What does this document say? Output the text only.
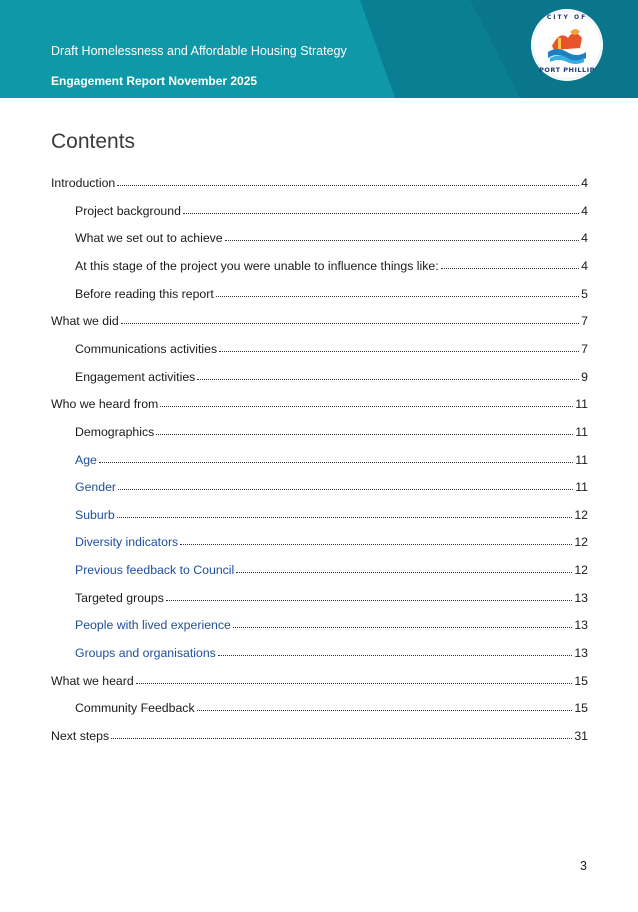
Draft Homelessness and Affordable Housing Strategy
Engagement Report November 2025
CITY OF
PORT PHILLIP
Contents
Introduction	4
Project background	4
What we set out to achieve	4
At this stage of the project you were unable to influence things like:	4
Before reading this report	5
What we did	7
Communications activities	7
Engagement activities	9
Who we heard from	11
Demographics	11
Age	11
Gender	11
Suburb	12
Diversity indicators	12
Previous feedback to Council	12
Targeted groups	13
People with lived experience	13
Groups and organisations	13
What we heard	15
Community Feedback	15
Next steps	31
3
